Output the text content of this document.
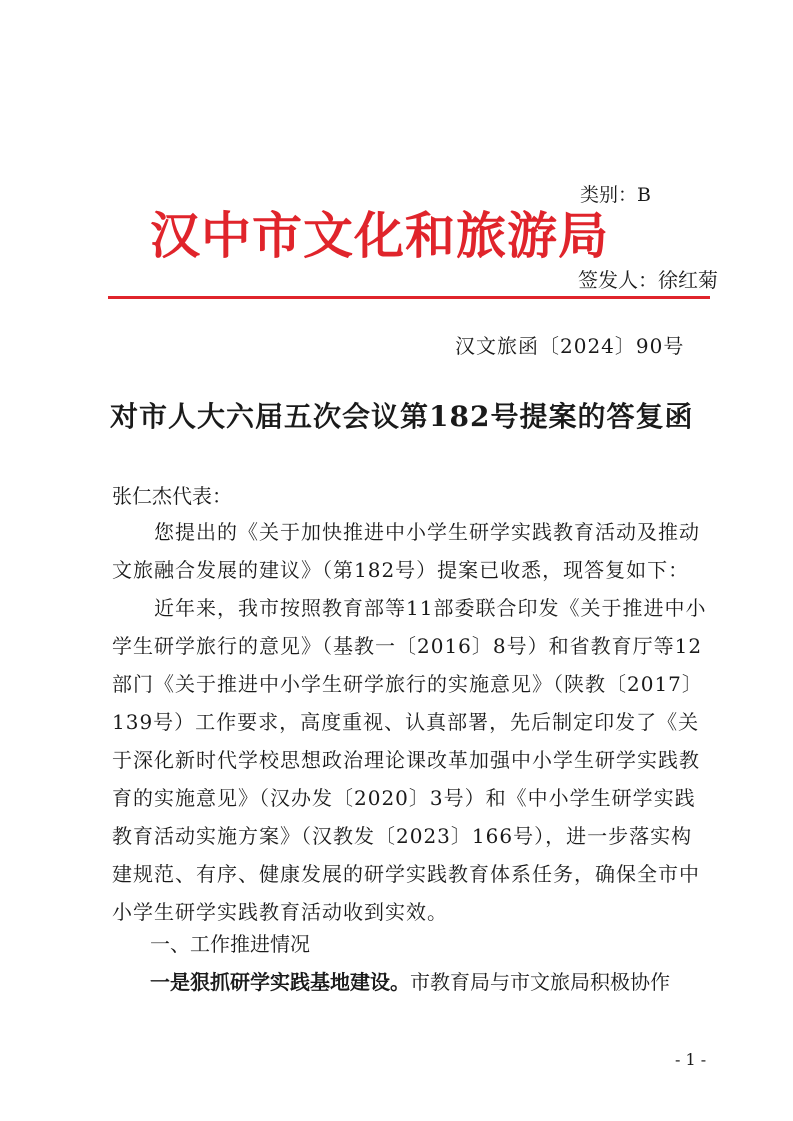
类别：B
汉中市文化和旅游局
签发人：徐红菊
汉文旅函〔2024〕90号
对市人大六届五次会议第182号提案的答复函
张仁杰代表：
　　您提出的《关于加快推进中小学生研学实践教育活动及推动
文旅融合发展的建议》（第182号）提案已收悉，现答复如下：
　　近年来，我市按照教育部等11部委联合印发《关于推进中小
学生研学旅行的意见》（基教一〔2016〕8号）和省教育厅等12
部门《关于推进中小学生研学旅行的实施意见》（陕教〔2017〕
139号）工作要求，高度重视、认真部署，先后制定印发了《关
于深化新时代学校思想政治理论课改革加强中小学生研学实践教
育的实施意见》（汉办发〔2020〕3号）和《中小学生研学实践
教育活动实施方案》（汉教发〔2023〕166号），进一步落实构
建规范、有序、健康发展的研学实践教育体系任务，确保全市中
小学生研学实践教育活动收到实效。
一、工作推进情况
一是狠抓研学实践基地建设。市教育局与市文旅局积极协作
- 1 -
